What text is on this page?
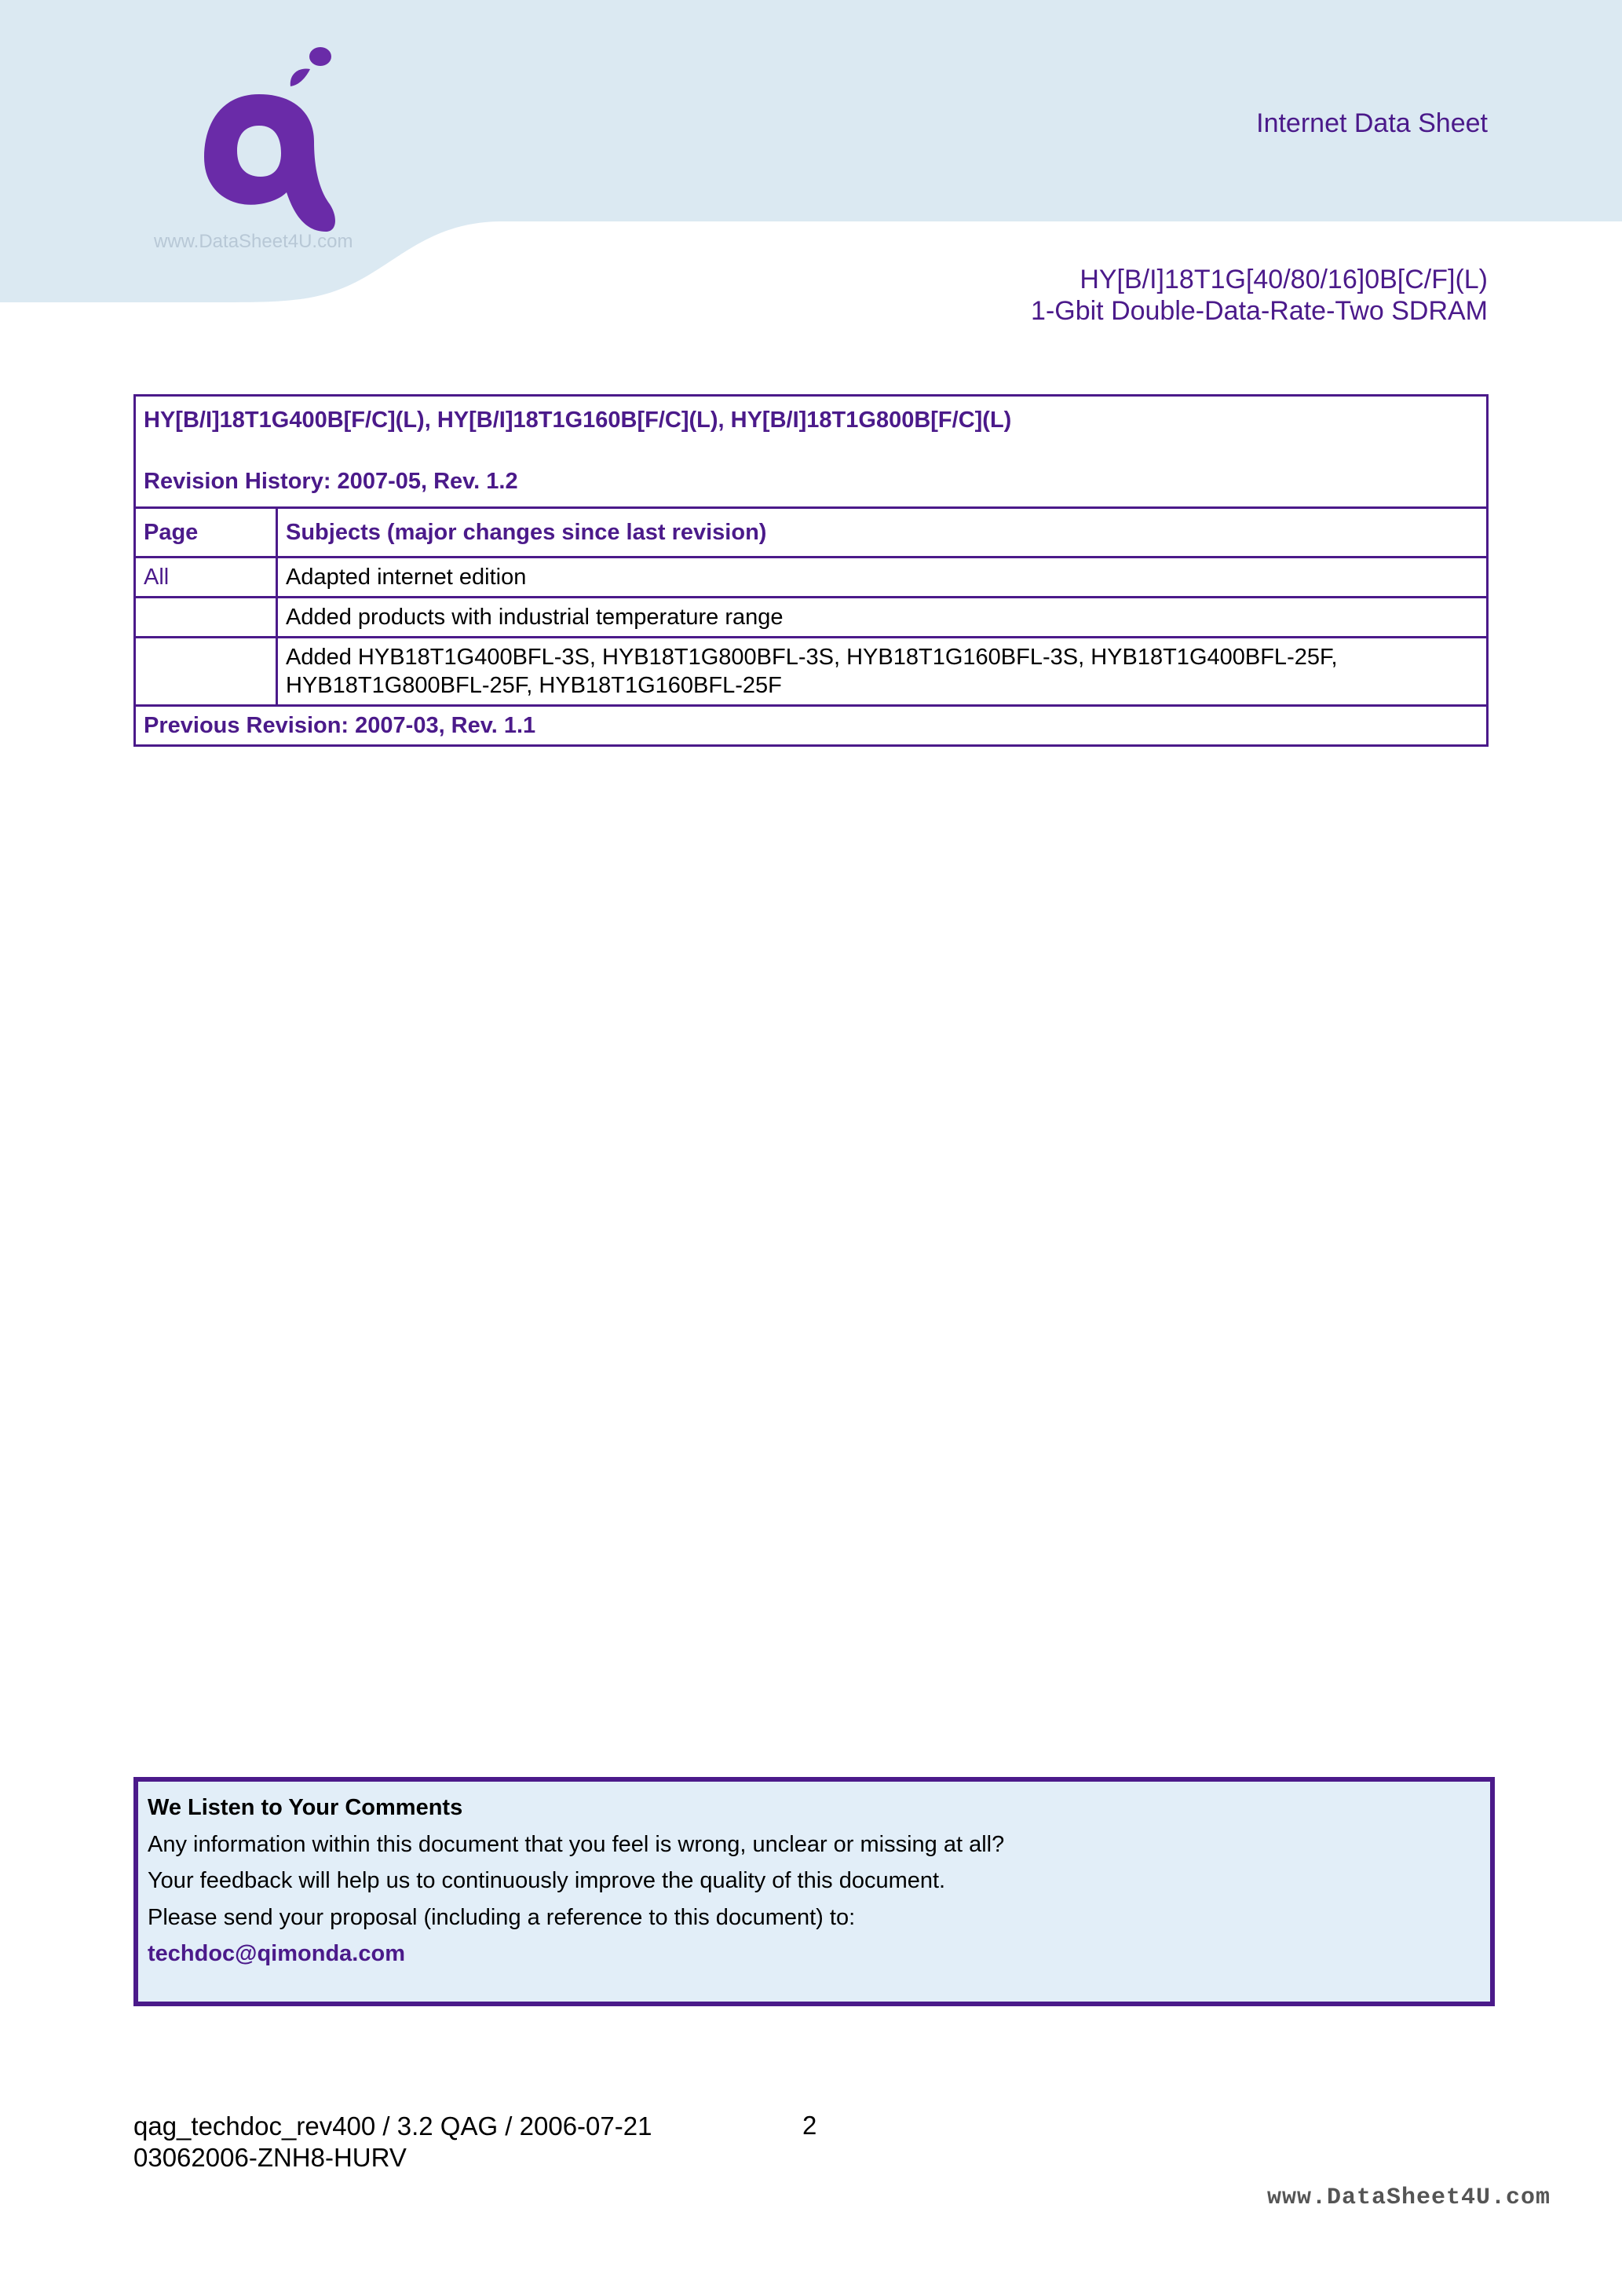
www.DataSheet4U.com
Internet Data Sheet
HY[B/I]18T1G[40/80/16]0B[C/F](L)
1-Gbit Double-Data-Rate-Two SDRAM
HY[B/I]18T1G400B[F/C](L), HY[B/I]18T1G160B[F/C](L), HY[B/I]18T1G800B[F/C](L)
Revision History: 2007-05, Rev. 1.2	

Page	Subjects (major changes since last revision)
All	Adapted internet edition
	Added products with industrial temperature range

	Added HYB18T1G400BFL-3S, HYB18T1G800BFL-3S, HYB18T1G160BFL-3S, HYB18T1G400BFL-25F,
HYB18T1G800BFL-25F, HYB18T1G160BFL-25F

Previous Revision: 2007-03, Rev. 1.1	
We Listen to Your Comments
Any information within this document that you feel is wrong, unclear or missing at all?
Your feedback will help us to continuously improve the quality of this document.
Please send your proposal (including a reference to this document) to:
techdoc@qimonda.com
qag_techdoc_rev400 / 3.2 QAG / 2006-07-21
03062006-ZNH8-HURV
2
www.DataSheet4U.com
